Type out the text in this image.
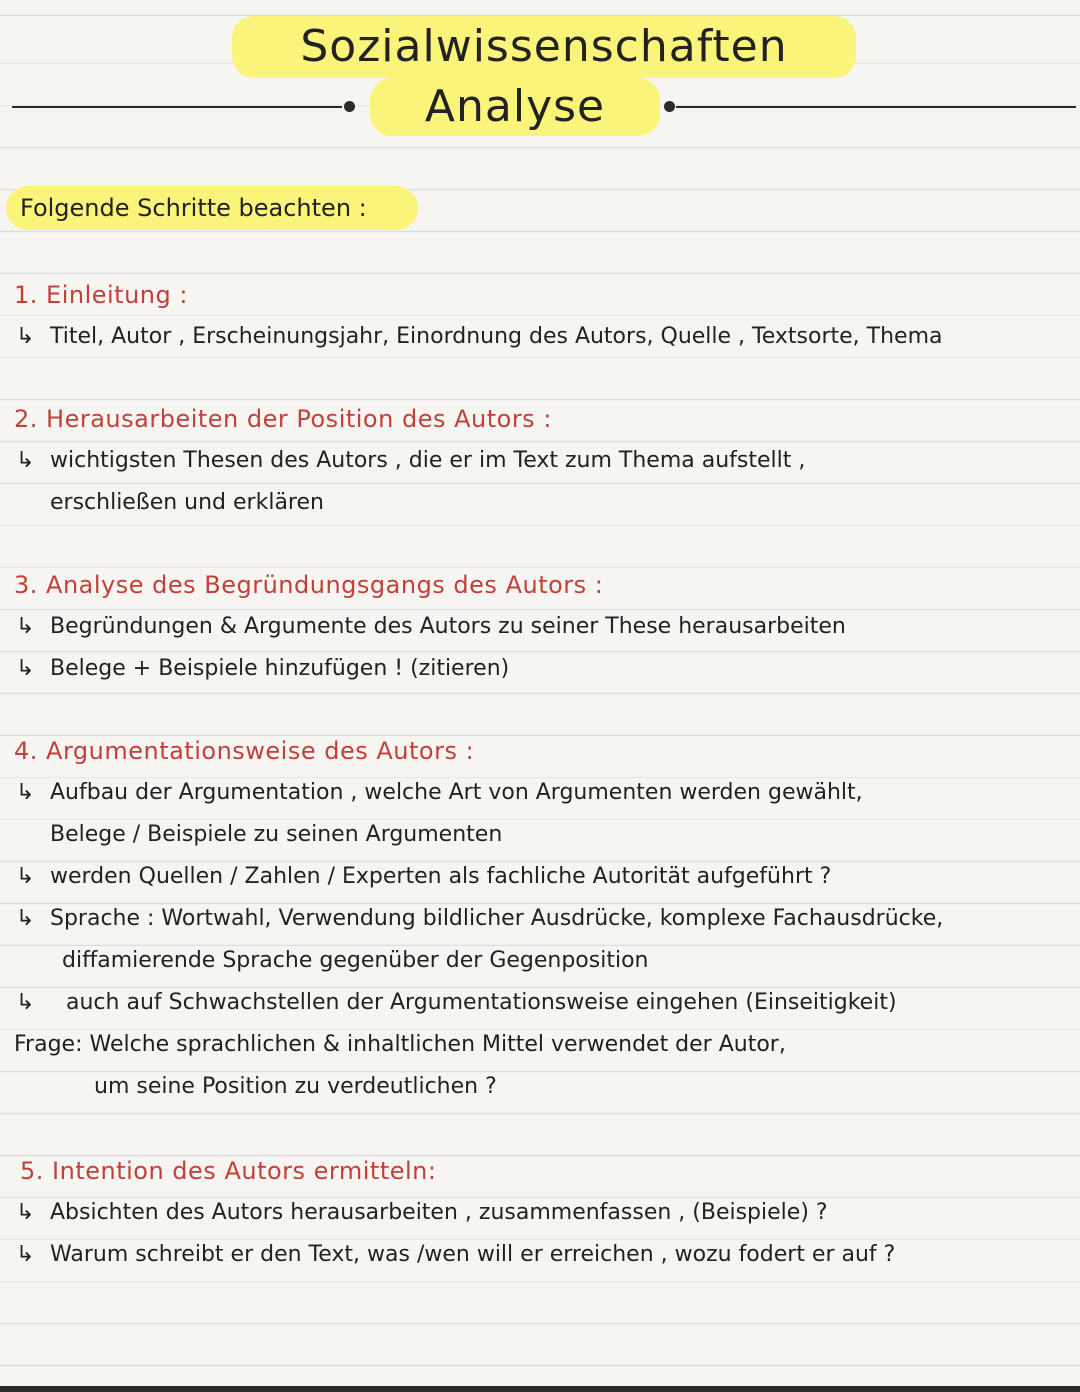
Sozialwissenschaften
Analyse
Folgende Schritte beachten :
1. Einleitung :
↳ Titel, Autor , Erscheinungsjahr, Einordnung des Autors, Quelle , Textsorte, Thema
2. Herausarbeiten der Position des Autors :
↳ wichtigsten Thesen des Autors , die er im Text zum Thema aufstellt ,
erschließen und erklären
3. Analyse des Begründungsgangs des Autors :
↳ Begründungen & Argumente des Autors zu seiner These herausarbeiten
↳ Belege + Beispiele hinzufügen ! (zitieren)
4. Argumentationsweise des Autors :
↳ Aufbau der Argumentation , welche Art von Argumenten werden gewählt,
Belege / Beispiele zu seinen Argumenten
↳ werden Quellen / Zahlen / Experten als fachliche Autorität aufgeführt ?
↳ Sprache : Wortwahl, Verwendung bildlicher Ausdrücke, komplexe Fachausdrücke,
diffamierende Sprache gegenüber der Gegenposition
↳ auch auf Schwachstellen der Argumentationsweise eingehen (Einseitigkeit)
Frage: Welche sprachlichen & inhaltlichen Mittel verwendet der Autor,
um seine Position zu verdeutlichen ?
5. Intention des Autors ermitteln:
↳ Absichten des Autors herausarbeiten , zusammenfassen , (Beispiele) ?
↳ Warum schreibt er den Text, was /wen will er erreichen , wozu fodert er auf ?
